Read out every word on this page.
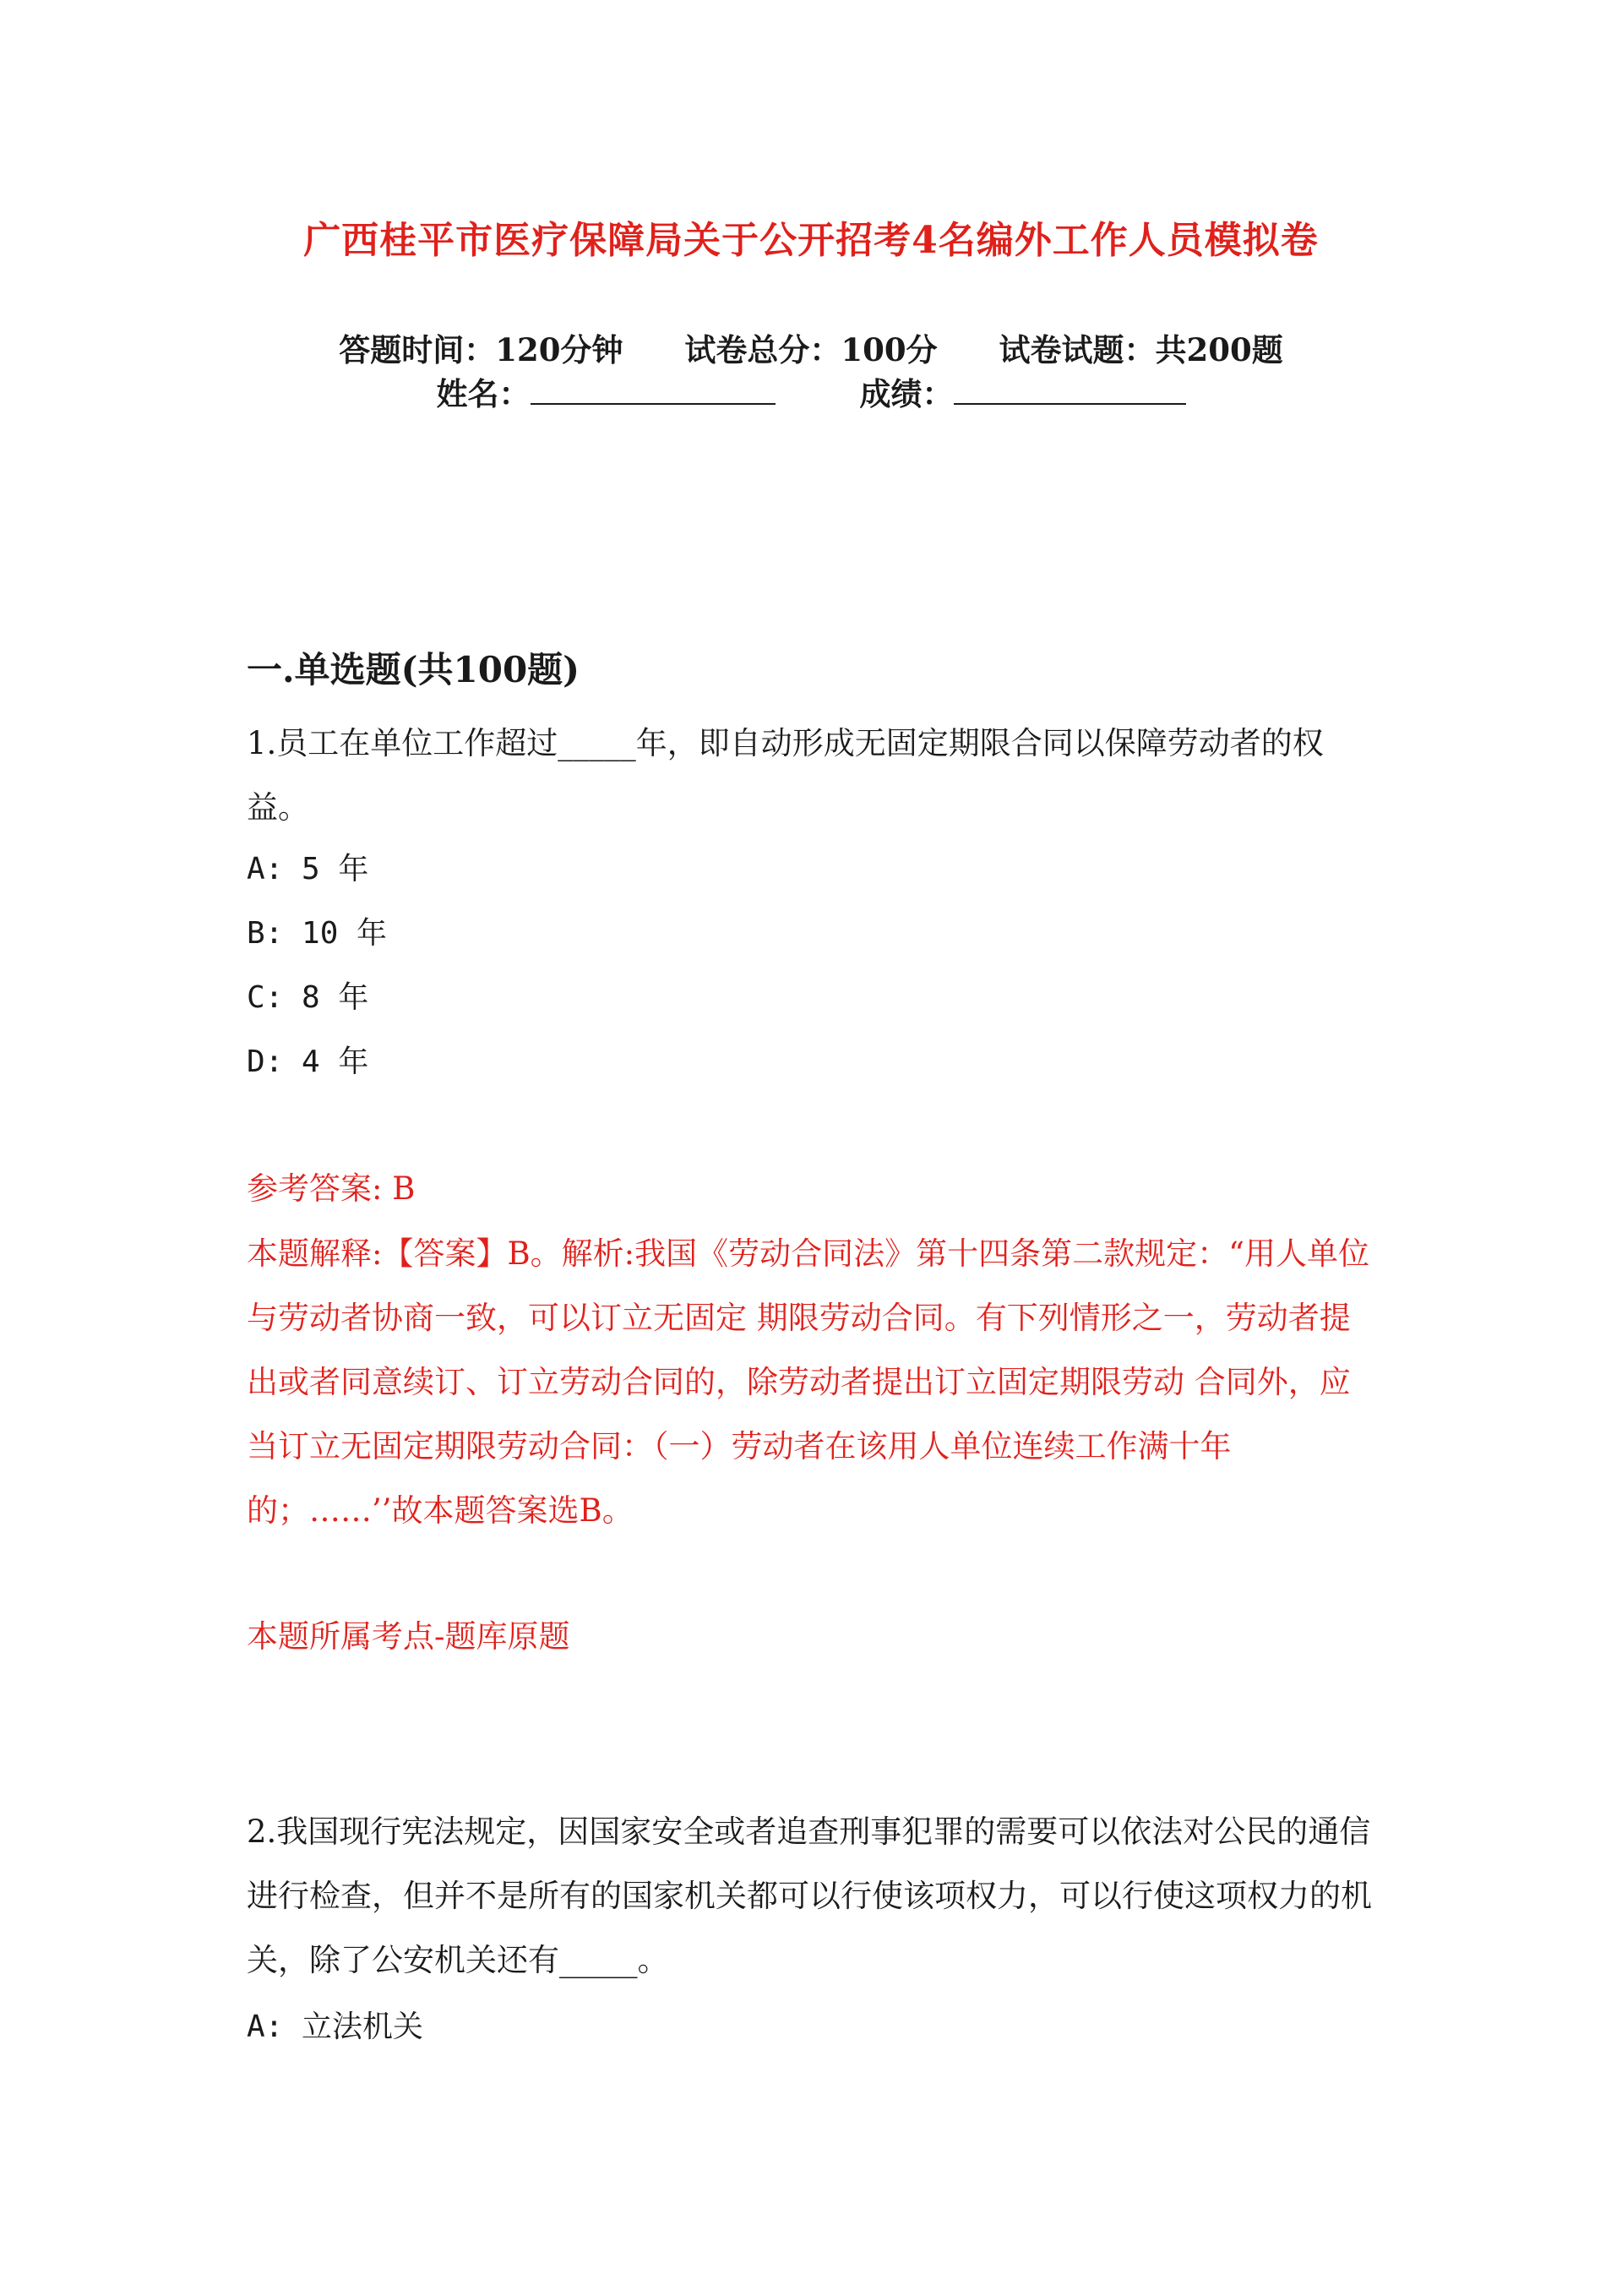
广西桂平市医疗保障局关于公开招考4名编外工作人员模拟卷
答题时间：120分钟 试卷总分：100分 试卷试题：共200题
姓名：	成绩：
一.单选题(共100题)
1.员工在单位工作超过_____年，即自动形成无固定期限合同以保障劳动者的权益。
A: 5 年
B: 10 年
C: 8 年
D: 4 年
参考答案: B
本题解释:【答案】B。解析:我国《劳动合同法》第十四条第二款规定：“用人单位与劳动者协商一致，可以订立无固定 期限劳动合同。有下列情形之一，劳动者提出或者同意续订、订立劳动合同的，除劳动者提出订立固定期限劳动 合同外，应当订立无固定期限劳动合同：（一）劳动者在该用人单位连续工作满十年的；……’’故本题答案选B。
本题所属考点-题库原题
2.我国现行宪法规定，因国家安全或者追查刑事犯罪的需要可以依法对公民的通信进行检查，但并不是所有的国家机关都可以行使该项权力，可以行使这项权力的机关，除了公安机关还有_____。
A: 立法机关
